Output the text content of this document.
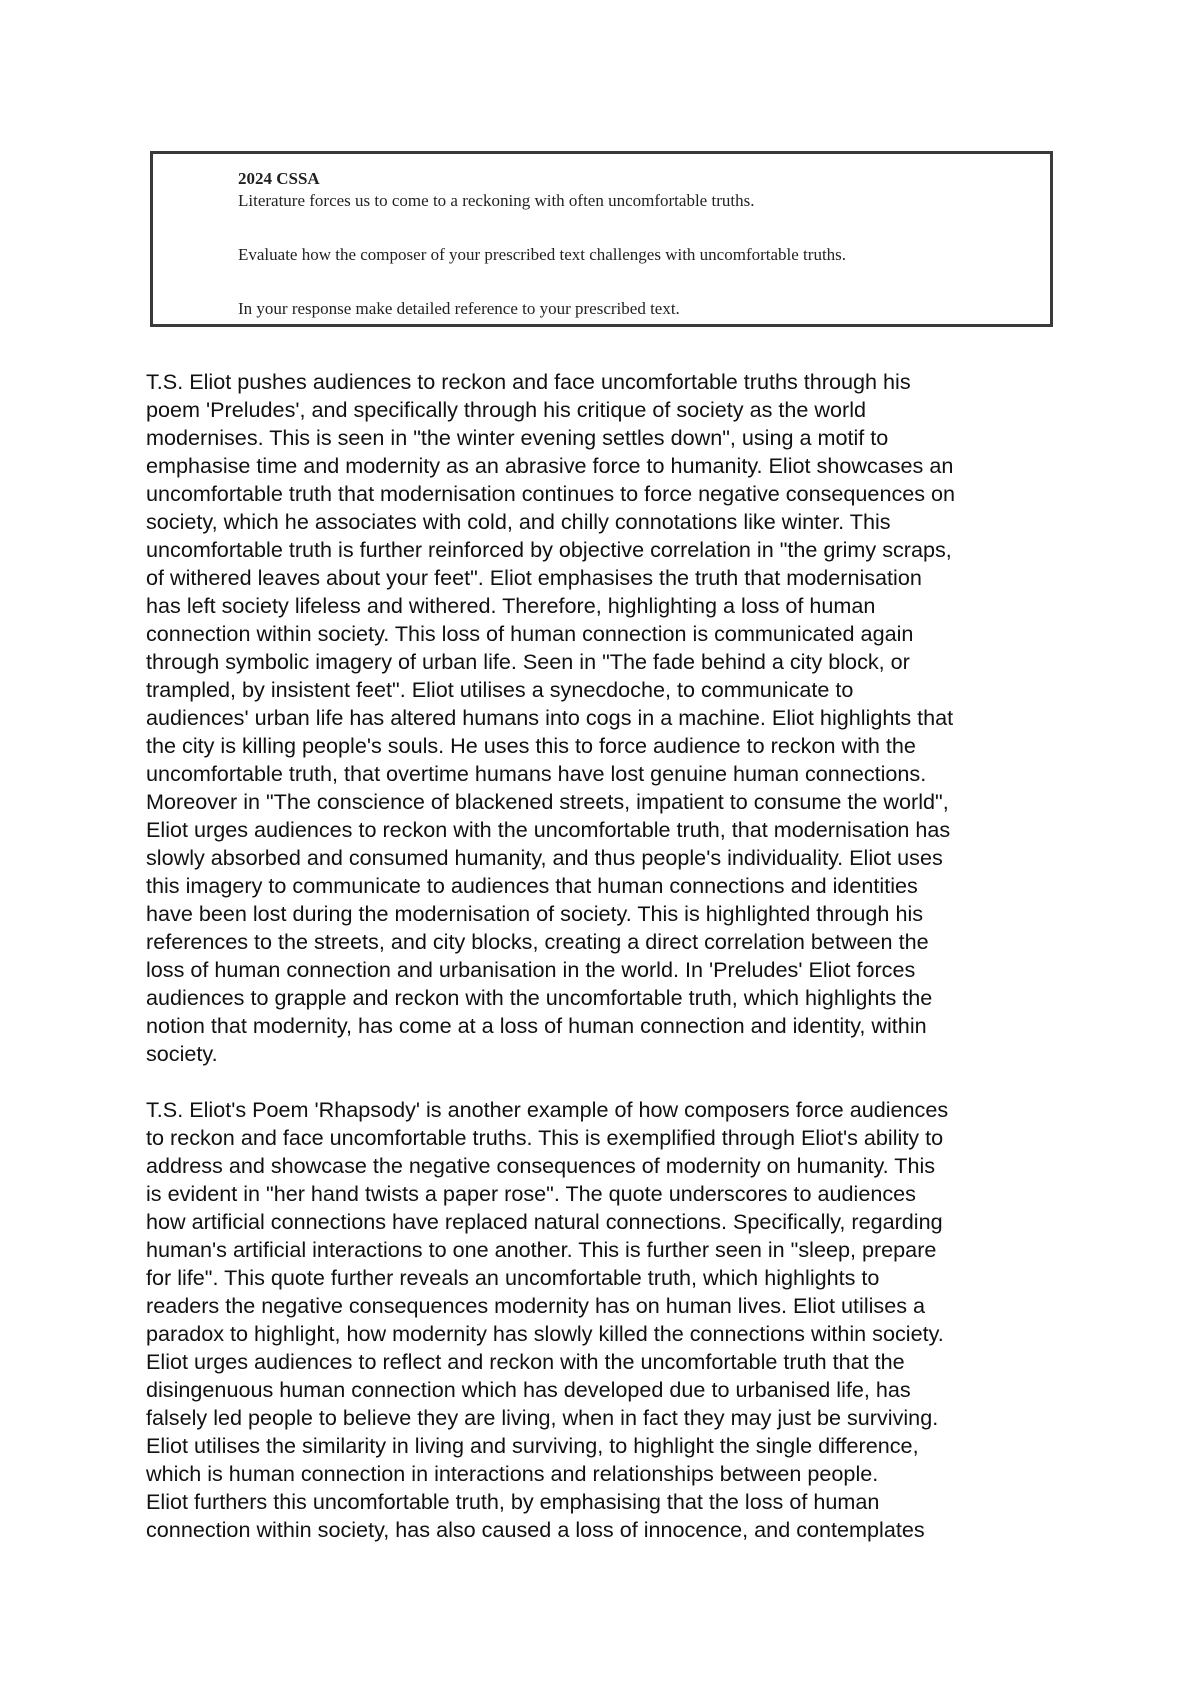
2024 CSSA

Literature forces us to come to a reckoning with often uncomfortable truths.

Evaluate how the composer of your prescribed text challenges with uncomfortable truths.

In your response make detailed reference to your prescribed text.

T.S. Eliot pushes audiences to reckon and face uncomfortable truths through his
poem 'Preludes', and specifically through his critique of society as the world
modernises. This is seen in "the winter evening settles down", using a motif to
emphasise time and modernity as an abrasive force to humanity. Eliot showcases an
uncomfortable truth that modernisation continues to force negative consequences on
society, which he associates with cold, and chilly connotations like winter. This
uncomfortable truth is further reinforced by objective correlation in "the grimy scraps,
of withered leaves about your feet". Eliot emphasises the truth that modernisation
has left society lifeless and withered. Therefore, highlighting a loss of human
connection within society. This loss of human connection is communicated again
through symbolic imagery of urban life. Seen in "The fade behind a city block, or
trampled, by insistent feet". Eliot utilises a synecdoche, to communicate to
audiences' urban life has altered humans into cogs in a machine. Eliot highlights that
the city is killing people's souls. He uses this to force audience to reckon with the
uncomfortable truth, that overtime humans have lost genuine human connections.
Moreover in "The conscience of blackened streets, impatient to consume the world",
Eliot urges audiences to reckon with the uncomfortable truth, that modernisation has
slowly absorbed and consumed humanity, and thus people's individuality. Eliot uses
this imagery to communicate to audiences that human connections and identities
have been lost during the modernisation of society. This is highlighted through his
references to the streets, and city blocks, creating a direct correlation between the
loss of human connection and urbanisation in the world. In 'Preludes' Eliot forces
audiences to grapple and reckon with the uncomfortable truth, which highlights the
notion that modernity, has come at a loss of human connection and identity, within
society.

T.S. Eliot's Poem 'Rhapsody' is another example of how composers force audiences
to reckon and face uncomfortable truths. This is exemplified through Eliot's ability to
address and showcase the negative consequences of modernity on humanity. This
is evident in "her hand twists a paper rose". The quote underscores to audiences
how artificial connections have replaced natural connections. Specifically, regarding
human's artificial interactions to one another. This is further seen in "sleep, prepare
for life". This quote further reveals an uncomfortable truth, which highlights to
readers the negative consequences modernity has on human lives. Eliot utilises a
paradox to highlight, how modernity has slowly killed the connections within society.
Eliot urges audiences to reflect and reckon with the uncomfortable truth that the
disingenuous human connection which has developed due to urbanised life, has
falsely led people to believe they are living, when in fact they may just be surviving.
Eliot utilises the similarity in living and surviving, to highlight the single difference,
which is human connection in interactions and relationships between people.
Eliot furthers this uncomfortable truth, by emphasising that the loss of human
connection within society, has also caused a loss of innocence, and contemplates
